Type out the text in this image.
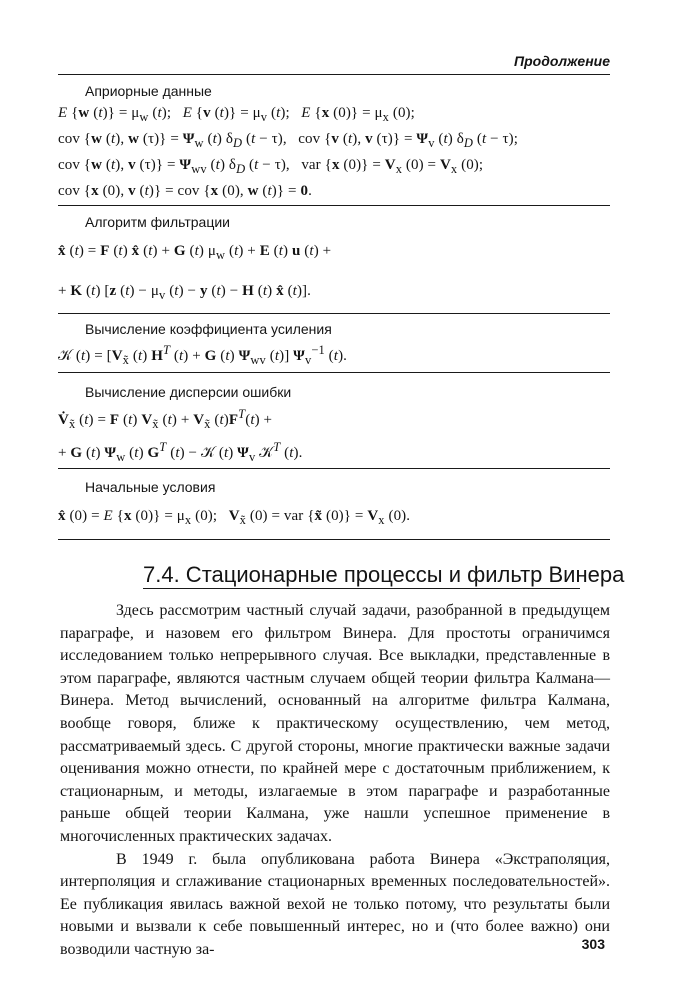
Продолжение
Априорные данные
E {w $(t)\} = \mu_w$ (t);   E {v $(t)\} = \mu_v$ (t);   E {x $(0)\} = \mu_x$ (0);
cov {w (t), w $(\tau)\} = \Psi_w$ (t) $\delta_D$ (t − τ),   cov {v (t), v $(\tau)\} = \Psi_v$ (t) $\delta_D$ (t − τ);
cov {w (t), v $(\tau)\} = \Psi_{wv}$ (t) $\delta_D$ (t − τ),   var {x $(0)\} = V_x$ $(0) = V_x$ (0);
cov {x (0), v (t)} = cov {x (0), w (t)} = 0.
Алгоритм фильтрации
x̂ (t) = F (t) x̂ (t) + G (t) $\mu_w$ (t) + E (t) u (t) +
+ K (t) [z $(t) - \mu_v$ (t) − y (t) − H (t) x̂ (t)].
Вычисление коэффициента усиления
𝒦 $(t) = [V_{x̃}$ (t) $H^T$ (t) + G (t) $\Psi_{wv}$ (t)] $\Psi_v^{-1}$ (t).
Вычисление дисперсии ошибки
$V̇_{x̃}$ (t) = F (t) $V_{x̃}$ $(t) + V_{x̃}$ $(t)F^T(t)$ +
+ G (t) $\Psi_w$ (t) $G^T$ (t) − 𝒦 (t) $\Psi_v$ 𝒦$^T$ (t).
Начальные условия
x̂ (0) = E {x $(0)\} = \mu_x$ (0);   $V_{x̃}$ (0) = var {x̃ $(0)\} = V_x$ (0).
7.4. Стационарные процессы и фильтр Винера

Здесь рассмотрим частный случай задачи, разобранной в предыдущем параграфе, и назовем его фильтром Винера. Для простоты ограничимся исследованием только непрерывного случая. Все выкладки, представленные в этом параграфе, являются частным случаем общей теории фильтра Калмана—Винера. Метод вычислений, основанный на алгоритме фильтра Калмана, вообще говоря, ближе к практическому осуществлению, чем метод, рассматриваемый здесь. С другой стороны, многие практически важные задачи оценивания можно отнести, по крайней мере с достаточным приближением, к стационарным, и методы, излагаемые в этом параграфе и разработанные раньше общей теории Калмана, уже нашли успешное применение в многочисленных практических задачах.

В 1949 г. была опубликована работа Винера «Экстраполяция, интерполяция и сглаживание стационарных временных последовательностей». Ее публикация явилась важной вехой не только потому, что результаты были новыми и вызвали к себе повышенный интерес, но и (что более важно) они возводили частную за-	303
